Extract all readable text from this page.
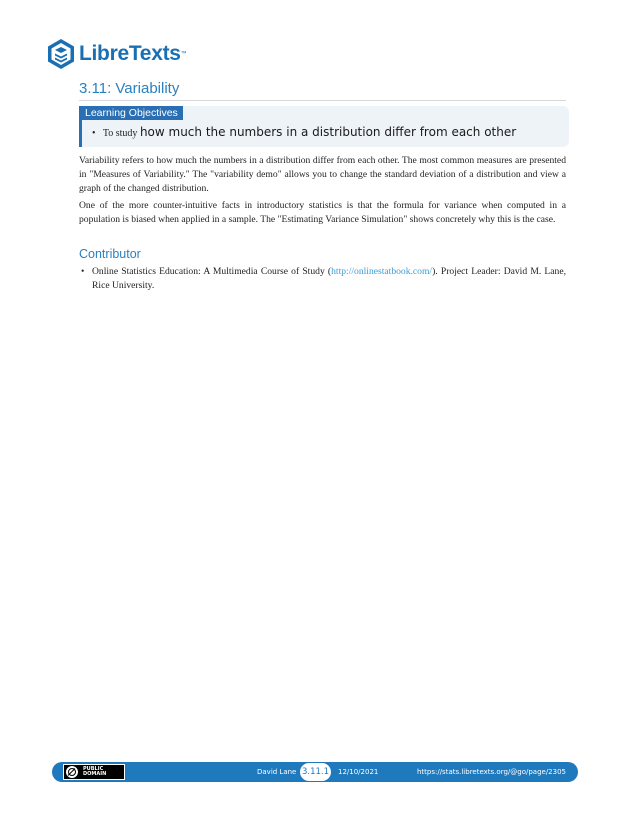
LibreTexts ™
3.11: Variability
Learning Objectives
• To study how much the numbers in a distribution differ from each other

Variability refers to how much the numbers in a distribution differ from each other. The most common measures are presented in "Measures of Variability." The "variability demo" allows you to change the standard deviation of a distribution and view a graph of the changed distribution.

One of the more counter-intuitive facts in introductory statistics is that the formula for variance when computed in a population is biased when applied in a sample. The "Estimating Variance Simulation" shows concretely why this is the case.

Contributor
• Online Statistics Education: A Multimedia Course of Study (http://onlinestatbook.com/). Project Leader: David M. Lane, Rice University.
PUBLIC
DOMAIN	David Lane 3.11.1 12/10/2021	https://stats.libretexts.org/@go/page/2305
